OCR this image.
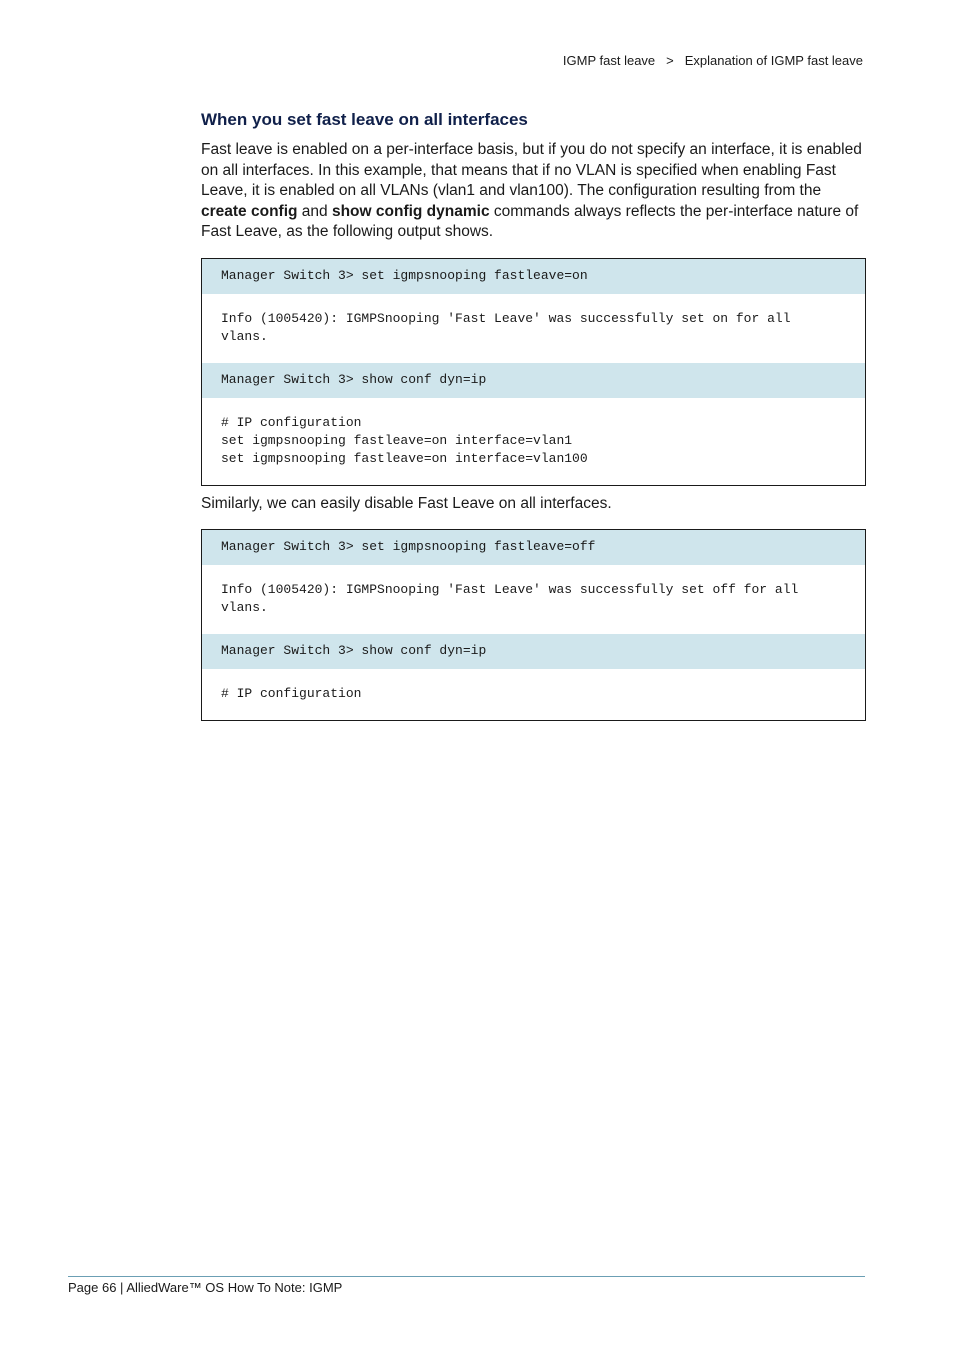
IGMP fast leave > Explanation of IGMP fast leave
When you set fast leave on all interfaces

Fast leave is enabled on a per-interface basis, but if you do not specify an interface, it is enabled on all interfaces. In this example, that means that if no VLAN is specified when enabling Fast Leave, it is enabled on all VLANs (vlan1 and vlan100). The configuration resulting from the create config and show config dynamic commands always reflects the per-interface nature of Fast Leave, as the following output shows.

Manager Switch 3> set igmpsnooping fastleave=on
Info (1005420): IGMPSnooping 'Fast Leave' was successfully set on for all
vlans.
Manager Switch 3> show conf dyn=ip
# IP configuration
set igmpsnooping fastleave=on interface=vlan1
set igmpsnooping fastleave=on interface=vlan100

Similarly, we can easily disable Fast Leave on all interfaces.

Manager Switch 3> set igmpsnooping fastleave=off
Info (1005420): IGMPSnooping 'Fast Leave' was successfully set off for all
vlans.
Manager Switch 3> show conf dyn=ip
# IP configuration
Page 66 | AlliedWare™ OS How To Note: IGMP
